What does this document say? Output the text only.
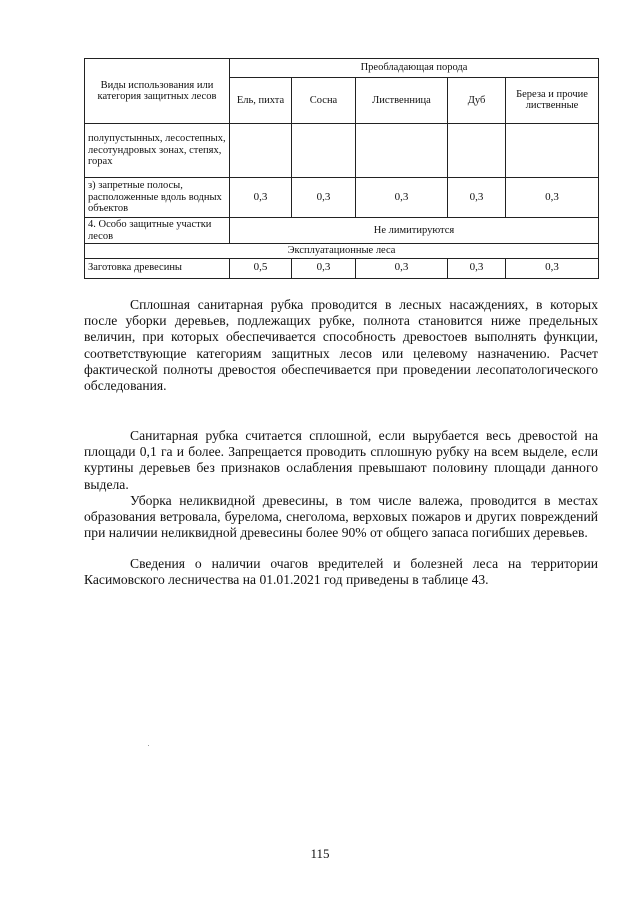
Виды использования или категория защитных лесов	Преобладающая порода				
	Ель, пихта	Сосна	Лиственница	Дуб	Береза и прочие лиственные
полупустынных, лесостепных, лесотундровых зонах, степях, горах					
з) запретные полосы, расположенные вдоль водных объектов	0,3	0,3	0,3	0,3	0,3
4. Особо защитные участки лесов	Не лимитируются				
Эксплуатационные леса					
Заготовка древесины	0,5	0,3	0,3	0,3	0,3

Сплошная санитарная рубка проводится в лесных насаждениях, в которых после уборки деревьев, подлежащих рубке, полнота становится ниже предельных величин, при которых обеспечивается способность древостоев выполнять функции, соответствующие категориям защитных лесов или целевому назначению. Расчет фактической полноты древостоя обеспечивается при проведении лесопатологического обследования.

Санитарная рубка считается сплошной, если вырубается весь древостой на площади 0,1 га и более. Запрещается проводить сплошную рубку на всем выделе, если куртины деревьев без признаков ослабления превышают половину площади данного выдела.

Уборка неликвидной древесины, в том числе валежа, проводится в местах образования ветровала, бурелома, снеголома, верховых пожаров и других повреждений при наличии неликвидной древесины более 90% от общего запаса погибших деревьев.

Сведения о наличии очагов вредителей и болезней леса на территории Касимовского лесничества на 01.01.2021 год приведены в таблице 43.

115
